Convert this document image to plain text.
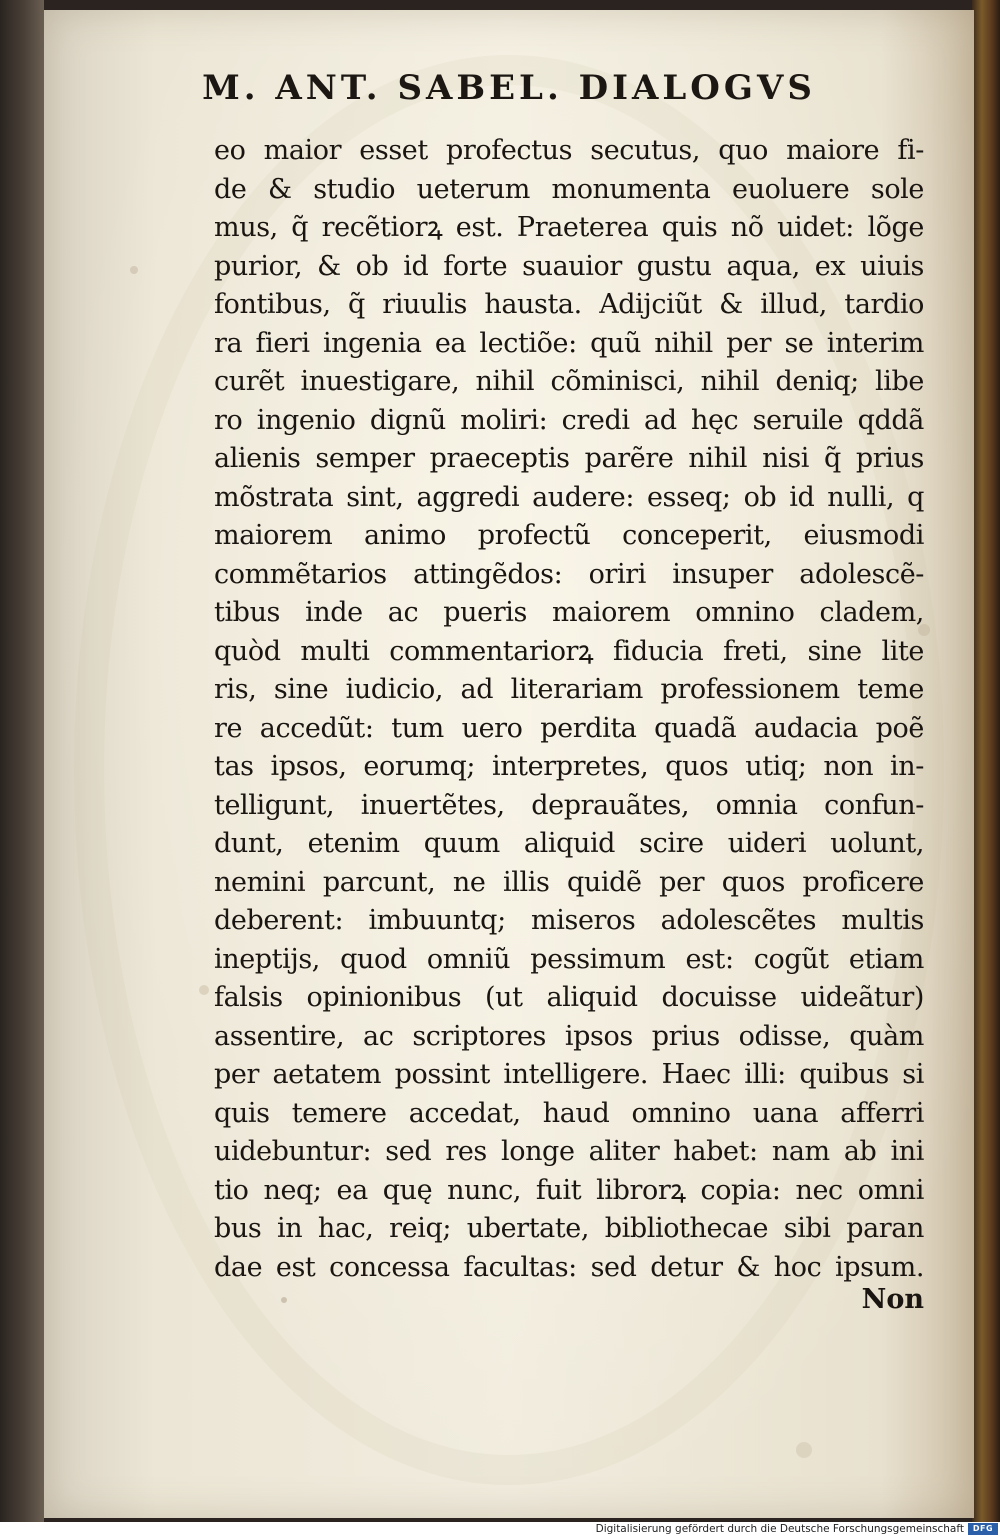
M. ANT. SABEL. DIALOGVS
eo maior esset profectus secutus, quo maiore fi-
de & studio ueterum monumenta euoluere sole
mus, q̃ recẽtiorꝝ est. Praeterea quis nõ uidet: lõge
purior, & ob id forte suauior gustu aqua, ex uiuis
fontibus, q̃ riuulis hausta. Adijciũt & illud, tardio
ra fieri ingenia ea lectiõe: quũ nihil per se interim
curẽt inuestigare, nihil cõminisci, nihil deniq; libe
ro ingenio dignũ moliri: credi ad hęc seruile qddã
alienis semper praeceptis parẽre nihil nisi q̃ prius
mõstrata sint, aggredi audere: esseq; ob id nulli, q
maiorem animo profectũ conceperit, eiusmodi
commẽtarios attingẽdos: oriri insuper adolescẽ-
tibus inde ac pueris maiorem omnino cladem,
quòd multi commentariorꝝ fiducia freti, sine lite
ris, sine iudicio, ad literariam professionem teme
re accedũt: tum uero perdita quadã audacia poẽ
tas ipsos, eorumq; interpretes, quos utiq; non in-
telligunt, inuertẽtes, deprauãtes, omnia confun-
dunt, etenim quum aliquid scire uideri uolunt,
nemini parcunt, ne illis quidẽ per quos proficere
deberent: imbuuntq; miseros adolescẽtes multis
ineptijs, quod omniũ pessimum est: cogũt etiam
falsis opinionibus (ut aliquid docuisse uideãtur)
assentire, ac scriptores ipsos prius odisse, quàm
per aetatem possint intelligere. Haec illi: quibus si
quis temere accedat, haud omnino uana afferri
uidebuntur: sed res longe aliter habet: nam ab ini
tio neq; ea quę nunc, fuit librorꝝ copia: nec omni
bus in hac, reiq; ubertate, bibliothecae sibi paran
dae est concessa facultas: sed detur & hoc ipsum.
Non
Digitalisierung gefördert durch die Deutsche Forschungsgemeinschaft	DFG
